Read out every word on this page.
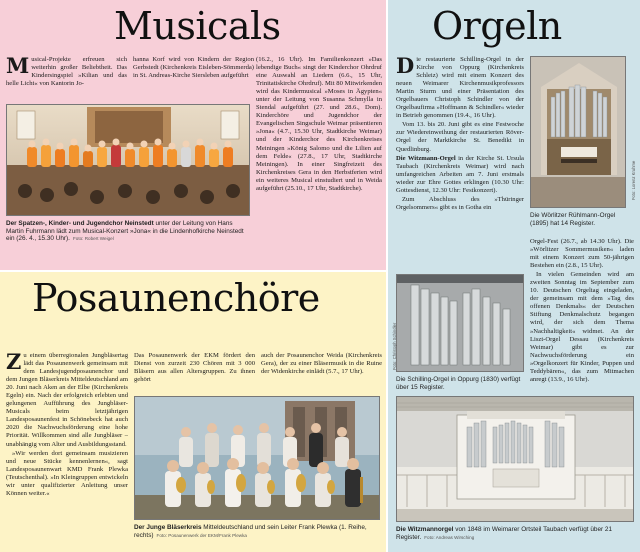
Musicals
Musical-Projekte erfreuen sich weiterhin großer Beliebtheit. Das Kindersingspiel »Kilian und das helle Licht« von Kantorin Jo-
hanna Korf wird von Kindern der Region Gerbstedt (Kirchenkreis Eisleben-Sömmerda) in St. Andreas-Kirche Siersleben aufgeführt
(16.2., 16 Uhr). Im Familienkonzert »Das lebendige Buch« singt der Kinderchor Ohrdruf eine Auswahl an Liedern (6.6., 15 Uhr, Trinitatiskirche Ohrdruf). Mit 80 Mitwirkenden wird das Kindermusical »Moses in Ägypten« unter der Leitung von Susanna Schmylla in Stendal aufgeführt (27. und 28.6., Dom). Kinderchöre und Jugendchor der Evangelischen Singschule Weimar präsentieren »Jona« (4.7., 15.30 Uhr, Stadtkirche Weimar) und der Kinderchor des Kirchenkreises Meiningen »König Salomo und die Lilien auf dem Felde« (27.8., 17 Uhr, Stadtkirche Meiningen). In einer Singfreizeit des Kirchenkreises Gera in den Herbstferien wird ein weiteres Musical einstudiert und in Weida aufgeführt (25.10., 17 Uhr, Stadtkirche).
Der Spatzen-, Kinder- und Jugendchor Neinstedt unter der Leitung von Hans Martin Fuhrmann lädt zum Musical-Konzert »Jona« in die Lindenhofkirche Neinstedt ein (26. 4., 15.30 Uhr). Foto: Robert Weigel
Posaunenchöre

Zu einem überregionalen Jungbläsertag lädt das Posaunenwerk gemeinsam mit dem Landesjugendposaunenchor und dem Jungen Bläserkreis Mitteldeutschland am 20. Juni nach Aken an der Elbe (Kirchenkreis Egeln) ein. Nach der erfolgreich erlebten und gelungenen Aufführung des Jungbläser-Musicals beim letztjährigen Landesposaunenfest in Schönebeck hat auch 2020 die Nachwuchsförderung eine hohe Priorität. Willkommen sind alle Jungbläser – unabhängig vom Alter und Ausbildungsstand.

»Wir werden dort gemeinsam musizieren und neue Stücke kennenlernen«, sagt Landesposaunenwart KMD Frank Plewka (Teutschenthal). »In Kleingruppen entwickeln wir unter qualifizierter Anleitung unser Können weiter.«

Das Posaunenwerk der EKM fördert den Dienst von zurzeit 230 Chören mit 3 000 Bläsern aus allen Altersgruppen. Zu ihnen gehört
auch der Posaunenchor Weida (Kirchenkreis Gera), der zu einer Bläsermusik in die Ruine der Widenkirche einlädt (5.7., 17 Uhr).
Der Junge Bläserkreis Mitteldeutschland und sein Leiter Frank Plewka (1. Reihe, rechts) Foto: Posaunenwerk der EKM/Frank Plewka
Orgeln

Die restaurierte Schilling-Orgel in der Kirche von Oppurg (Kirchenkreis Schleiz) wird mit einem Konzert des neuen Weimarer Kirchenmusikprofessors Martin Sturm und einer Präsentation des Orgelbauers Christoph Schindler von der Orgelbaufirma »Hoffmann & Schindler« wieder in Betrieb genommen (19.4., 16 Uhr).

Vom 13. bis 20. Juni gibt es eine Festwoche zur Wiedereinweihung der restaurierten Röver-Orgel der Marktkirche St. Benedikt in Quedlinburg.

Die Witzmann-Orgel in der Kirche St. Ursula Taubach (Kirchenkreis Weimar) wird nach umfangreichen Arbeiten am 7. Juni erstmals wieder zur Ehre Gottes erklingen (10.30 Uhr: Gottesdienst, 12.30 Uhr: Festkonzert).

Zum Abschluss des »Thüringer Orgelsommers« gibt es in Gotha ein

Foto: Lorenz Kruhme
Die Wörlitzer Rühlmann-Orgel (1895) hat 14 Register.

Orgel-Fest (26.7., ab 14.30 Uhr). Die »Wörlitzer Sommermusiken« laden mit einem Konzert zum 50-jährigen Bestehen ein (2.8., 15 Uhr).

In vielen Gemeinden wird am zweiten Sonntag im September zum 10. Deutschen Orgeltag eingeladen, der gemeinsam mit dem »Tag des offenen Denkmals« der Deutschen Stiftung Denkmalschutz begangen wird, der sich dem Thema »Nachhaltigkeit« widmet. An der Liszt-Orgel Dessau (Kirchenkreis Weimar) gibt es zur Nachwuchsförderung ein »Orgelkonzert für Kinder, Puppen und Teddybären«, das zum Mitmachen anregt (13.9., 16 Uhr).

Foto: Christoph Schindler
Die Schilling-Orgel in Oppurg (1830) verfügt über 15 Register.
Die Witzmannorgel von 1848 im Weimarer Ortsteil Taubach verfügt über 21 Register. Foto: Andreas Wirsching
